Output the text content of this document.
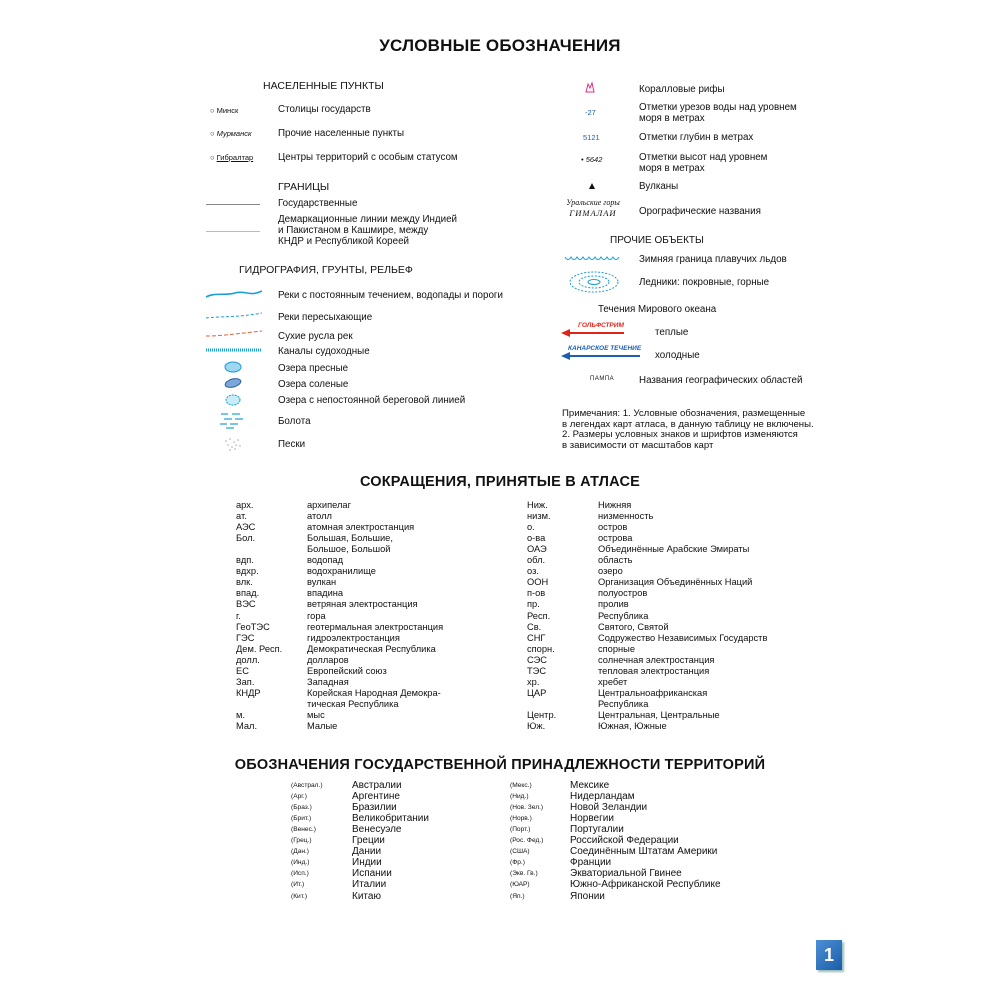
УСЛОВНЫЕ ОБОЗНАЧЕНИЯ
НАСЕЛЕННЫЕ ПУНКТЫ
○ Минск	Столицы государств
○ Мурманск	Прочие населенные пункты
○ Гибралтар	Центры территорий с особым статусом
ГРАНИЦЫ
Государственные
Демаркационные линии между Индией
и Пакистаном в Кашмире, между
КНДР и Республикой Кореей
ГИДРОГРАФИЯ, ГРУНТЫ, РЕЛЬЕФ
Реки с постоянным течением, водопады и пороги
Реки пересыхающие
Сухие русла рек
Каналы судоходные
Озера пресные
Озера соленые
Озера с непостоянной береговой линией
Болота
Пески
Коралловые рифы
-27	Отметки урезов воды над уровнем
моря в метрах
5121	Отметки глубин в метрах
• 5642	Отметки высот над уровнем
моря в метрах
Вулканы
Уральские горы
ГИМАЛАИ	Орографические названия
ПРОЧИЕ ОБЪЕКТЫ
Зимняя граница плавучих льдов
Ледники: покровные, горные
Течения Мирового океана
ГОЛЬФСТРИМ
теплые
КАНАРСКОЕ ТЕЧЕНИЕ
холодные
ПАМПА	Названия географических областей
Примечания: 1. Условные обозначения, размещенные
в легендах карт атласа, в данную таблицу не включены.
2. Размеры условных знаков и шрифтов изменяются
в зависимости от масштабов карт
СОКРАЩЕНИЯ, ПРИНЯТЫЕ В АТЛАСЕ
арх.	архипелаг
ат.	атолл
АЭС	атомная электростанция
Бол.	Большая, Большие,
Большое, Большой
вдп.	водопад
вдхр.	водохранилище
влк.	вулкан
впад.	впадина
ВЭС	ветряная электростанция
г.	гора
ГеоТЭС	геотермальная электростанция
ГЭС	гидроэлектростанция
Дем. Респ.	Демократическая Республика
долл.	долларов
ЕС	Европейский союз
Зап.	Западная
КНДР	Корейская Народная Демокра-
тическая Республика
м.	мыс
Мал.	Малые
Ниж.	Нижняя
низм.	низменность
о.	остров
о-ва	острова
ОАЭ	Объединённые Арабские Эмираты
обл.	область
оз.	озеро
ООН	Организация Объединённых Наций
п-ов	полуостров
пр.	пролив
Респ.	Республика
Св.	Святого, Святой
СНГ	Содружество Независимых Государств
спорн.	спорные
СЭС	солнечная электростанция
ТЭС	тепловая электростанция
хр.	хребет
ЦАР	Центральноафриканская
Республика
Центр.	Центральная, Центральные
Юж.	Южная, Южные
ОБОЗНАЧЕНИЯ ГОСУДАРСТВЕННОЙ ПРИНАДЛЕЖНОСТИ ТЕРРИТОРИЙ
(Австрал.)	Австралии
(Арг.)	Аргентине
(Браз.)	Бразилии
(Брит.)	Великобритании
(Венес.)	Венесуэле
(Грец.)	Греции
(Дан.)	Дании
(Инд.)	Индии
(Исп.)	Испании
(Ит.)	Италии
(Кит.)	Китаю
(Мекс.)	Мексике
(Нид.)	Нидерландам
(Нов. Зел.)	Новой Зеландии
(Норв.)	Норвегии
(Порт.)	Португалии
(Рос. Фед.)	Российской Федерации
(США)	Соединённым Штатам Америки
(Фр.)	Франции
(Экв. Гв.)	Экваториальной Гвинее
(ЮАР)	Южно-Африканской Республике
(Яп.)	Японии
1
